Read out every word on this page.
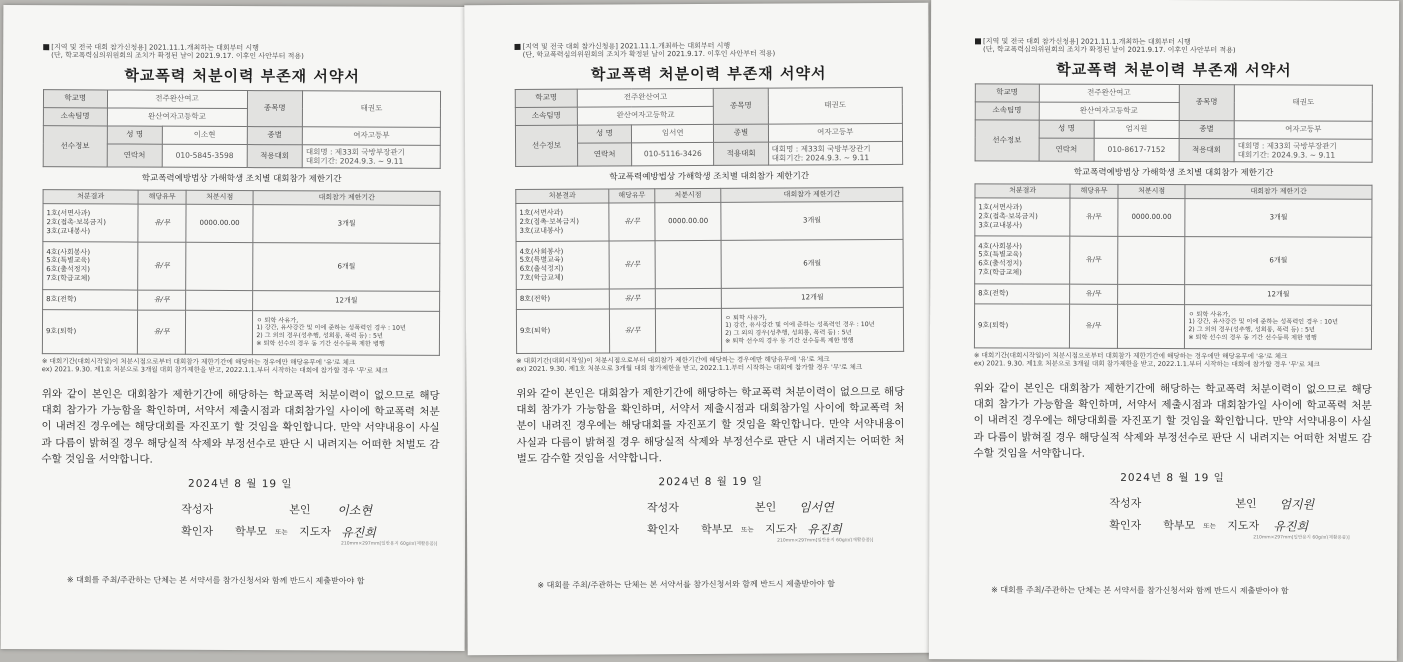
[지역 및 전국 대회 참가신청용] 2021.11.1.개최하는 대회부터 시행
(단, 학교폭력심의위원회의 조치가 확정된 날이 2021.9.17. 이후인 사안부터 적용)
학교폭력 처분이력 부존재 서약서
학교명	전주완산여고		종목명	태권도
소속팀명	완산여자고등학교			
선수정보	성 명	이소현	종별	여자고등부
	연락처	010-5845-3598	적용대회	대회명 : 제33회 국방부장관기
대회기간: 2024.9.3. ~ 9.11
학교폭력예방법상 가해학생 조치별 대회참가 제한기간
처분결과	해당유무	처분시점	대회참가 제한기간

1호(서면사과)
2호(접촉·보복금지)
3호(교내봉사)	유/무	0000.00.00	3개월

4호(사회봉사)
5호(특별교육)
6호(출석정지)
7호(학급교체)	유/무		6개월

8호(전학)	유/무		12개월

9호(퇴학)	유/무		ㅇ 퇴학 사유가,
1) 강간, 유사강간 및 이에 준하는 성폭력인 경우 : 10년
2) 그 외의 경우(성추행, 성희롱, 폭력 등) : 5년
※ 퇴학 선수의 경우 동 기간 선수등록 제한 병행
※ 대회기간(대회시작일)이 처분시점으로부터 대회참가 제한기간에 해당하는 경우에만 해당유무에 '유'로 체크
ex) 2021. 9.30. 제1호 처분으로 3개월 대회 참가제한을 받고, 2022.1.1.부터 시작하는 대회에 참가할 경우 '무'로 체크
위와 같이 본인은 대회참가 제한기간에 해당하는 학교폭력 처분이력이 없으므로 해당 대회 참가가 가능함을 확인하며, 서약서 제출시점과 대회참가일 사이에 학교폭력 처분이 내려진 경우에는 해당대회를 자진포기 할 것임을 확인합니다. 만약 서약내용이 사실과 다름이 밝혀질 경우 해당실적 삭제와 부정선수로 판단 시 내려지는 어떠한 처벌도 감수할 것임을 서약합니다.
2024년 8 월 19 일
작성자	본인 이소현
확인자 학부모 또는 지도자 유진희
210mm×297mm[일반용지 60g/㎡(재활용품)]
※ 대회를 주최/주관하는 단체는 본 서약서를 참가신청서와 함께 반드시 제출받아야 함
[지역 및 전국 대회 참가신청용] 2021.11.1.개최하는 대회부터 시행
(단, 학교폭력심의위원회의 조치가 확정된 날이 2021.9.17. 이후인 사안부터 적용)
학교폭력 처분이력 부존재 서약서
학교명	전주완산여고		종목명	태권도
소속팀명	완산여자고등학교			
선수정보	성 명	임서연	종별	여자고등부
	연락처	010-5116-3426	적용대회	대회명 : 제33회 국방부장관기
대회기간: 2024.9.3. ~ 9.11
학교폭력예방법상 가해학생 조치별 대회참가 제한기간
처분결과	해당유무	처분시점	대회참가 제한기간

1호(서면사과)
2호(접촉·보복금지)
3호(교내봉사)	유/무	0000.00.00	3개월

4호(사회봉사)
5호(특별교육)
6호(출석정지)
7호(학급교체)	유/무		6개월

8호(전학)	유/무		12개월

9호(퇴학)	유/무		ㅇ 퇴학 사유가,
1) 강간, 유사강간 및 이에 준하는 성폭력인 경우 : 10년
2) 그 외의 경우(성추행, 성희롱, 폭력 등) : 5년
※ 퇴학 선수의 경우 동 기간 선수등록 제한 병행
※ 대회기간(대회시작일)이 처분시점으로부터 대회참가 제한기간에 해당하는 경우에만 해당유무에 '유'로 체크
ex) 2021. 9.30. 제1호 처분으로 3개월 대회 참가제한을 받고, 2022.1.1.부터 시작하는 대회에 참가할 경우 '무'로 체크
위와 같이 본인은 대회참가 제한기간에 해당하는 학교폭력 처분이력이 없으므로 해당 대회 참가가 가능함을 확인하며, 서약서 제출시점과 대회참가일 사이에 학교폭력 처분이 내려진 경우에는 해당대회를 자진포기 할 것임을 확인합니다. 만약 서약내용이 사실과 다름이 밝혀질 경우 해당실적 삭제와 부정선수로 판단 시 내려지는 어떠한 처벌도 감수할 것임을 서약합니다.
2024년 8 월 19 일
작성자	본인 임서연
확인자 학부모 또는 지도자 유진희
210mm×297mm[일반용지 60g/㎡(재활용품)]
※ 대회를 주최/주관하는 단체는 본 서약서를 참가신청서와 함께 반드시 제출받아야 함
[지역 및 전국 대회 참가신청용] 2021.11.1.개최하는 대회부터 시행
(단, 학교폭력심의위원회의 조치가 확정된 날이 2021.9.17. 이후인 사안부터 적용)
학교폭력 처분이력 부존재 서약서
학교명	전주완산여고		종목명	태권도
소속팀명	완산여자고등학교			
선수정보	성 명	엄지원	종별	여자고등부
	연락처	010-8617-7152	적용대회	대회명 : 제33회 국방부장관기
대회기간: 2024.9.3. ~ 9.11
학교폭력예방법상 가해학생 조치별 대회참가 제한기간
처분결과	해당유무	처분시점	대회참가 제한기간

1호(서면사과)
2호(접촉·보복금지)
3호(교내봉사)	유/무	0000.00.00	3개월

4호(사회봉사)
5호(특별교육)
6호(출석정지)
7호(학급교체)	유/무		6개월

8호(전학)	유/무		12개월

9호(퇴학)	유/무		ㅇ 퇴학 사유가,
1) 강간, 유사강간 및 이에 준하는 성폭력인 경우 : 10년
2) 그 외의 경우(성추행, 성희롱, 폭력 등) : 5년
※ 퇴학 선수의 경우 동 기간 선수등록 제한 병행
※ 대회기간(대회시작일)이 처분시점으로부터 대회참가 제한기간에 해당하는 경우에만 해당유무에 '유'로 체크
ex) 2021. 9.30. 제1호 처분으로 3개월 대회 참가제한을 받고, 2022.1.1.부터 시작하는 대회에 참가할 경우 '무'로 체크
위와 같이 본인은 대회참가 제한기간에 해당하는 학교폭력 처분이력이 없으므로 해당 대회 참가가 가능함을 확인하며, 서약서 제출시점과 대회참가일 사이에 학교폭력 처분이 내려진 경우에는 해당대회를 자진포기 할 것임을 확인합니다. 만약 서약내용이 사실과 다름이 밝혀질 경우 해당실적 삭제와 부정선수로 판단 시 내려지는 어떠한 처벌도 감수할 것임을 서약합니다.
2024년 8 월 19 일
작성자	본인 엄지원
확인자 학부모 또는 지도자 유진희
210mm×297mm[일반용지 60g/㎡(재활용품)]
※ 대회를 주최/주관하는 단체는 본 서약서를 참가신청서와 함께 반드시 제출받아야 함
